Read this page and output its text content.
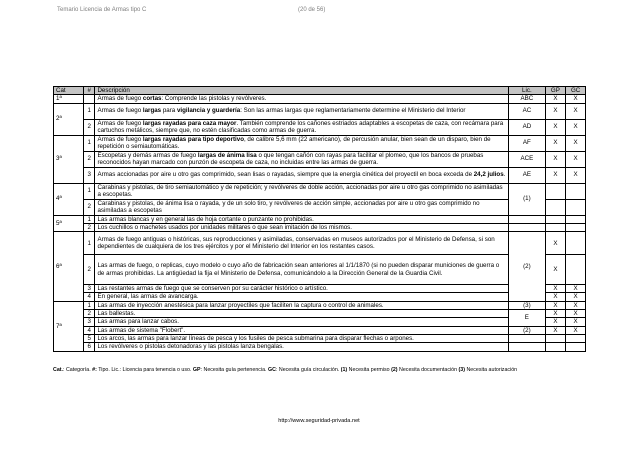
Temario Licencia de Armas tipo C	(20 de 56)
Cat	#	Descripción	Lic.	GP	GC
1ª		Armas de fuego cortas: Comprende las pistolas y revólveres.	ABC	X	X
2ª	1	Armas de fuego largas para vigilancia y guardería: Son las armas largas que reglamentariamente determine el Ministerio del Interior	AC	X	X
	2	Armas de fuego largas rayadas para caza mayor. También comprende los cañones estriados adaptables a escopetas de caza, con recámara para cartuchos metálicos, siempre que, no estén clasificadas como armas de guerra.	AD	X	X
3ª	1	Armas de fuego largas rayadas para tipo deportivo, de calibre 5,6 mm (22 americano), de percusión anular, bien sean de un disparo, bien de repetición o semiautomáticas.	AF	X	X
	2	Escopetas y demás armas de fuego largas de ánima lisa o que tengan cañón con rayas para facilitar el plomeo, que los bancos de pruebas reconocidos hayan marcado con punzón de escopeta de caza, no incluidas entre las armas de guerra.	ACE	X	X
	3	Armas accionadas por aire u otro gas comprimido, sean lisas o rayadas, siempre que la energía cinética del proyectil en boca exceda de 24,2 julios.	AE	X	X
4ª	1	Carabinas y pistolas, de tiro semiautomático y de repetición; y revólveres de doble acción, accionadas por aire u otro gas comprimido no asimiladas a escopetas.	(1)		
	2	Carabinas y pistolas, de ánima lisa o rayada, y de un solo tiro, y revólveres de acción simple, accionadas por aire u otro gas comprimido no asimiladas a escopetas			
5ª	1	Las armas blancas y en general las de hoja cortante o punzante no prohibidas.			
	2	Los cuchillos o machetes usados por unidades militares o que sean imitación de los mismos.			
6ª	1	Armas de fuego antiguas o históricas, sus reproducciones y asimiladas, conservadas en museos autorizados por el Ministerio de Defensa, si son dependientes de cualquiera de los tres ejércitos y por el Ministerio del Interior en los restantes casos.	(2)	X	
	2	Las armas de fuego, o replicas, cuyo modelo o cuyo año de fabricación sean anteriores al 1/1/1870 (si no pueden disparar municiones de guerra o de armas prohibidas. La antigüedad la fija el Ministerio de Defensa, comunicándolo a la Dirección General de la Guardia Civil.		X	
	3	Las restantes armas de fuego que se conserven por su carácter histórico o artístico.		X	X
	4	En general, las armas de avancarga.		X	X
7ª	1	Las armas de inyección anestésica para lanzar proyectiles que faciliten la captura o control de animales.	(3)	X	X
	2	Las ballestas.	E	X	X
	3	Las armas para lanzar cabos.		X	X
	4	Las armas de sistema "Flobert".	(2)	X	X
	5	Los arcos, las armas para lanzar líneas de pesca y los fusiles de pesca submarina para disparar flechas o arpones.			
	6	Los revólveres o pistolas detonadoras y las pistolas lanza bengalas.			
Cat.: Categoría. #: Tipo. Lic.: Licencia para tenencia o uso. GP: Necesita guía pertenencia. GC: Necesita guía circulación. (1) Necesita permiso (2) Necesita documentación (3) Necesita autorización
http://www.seguridad-privada.net
